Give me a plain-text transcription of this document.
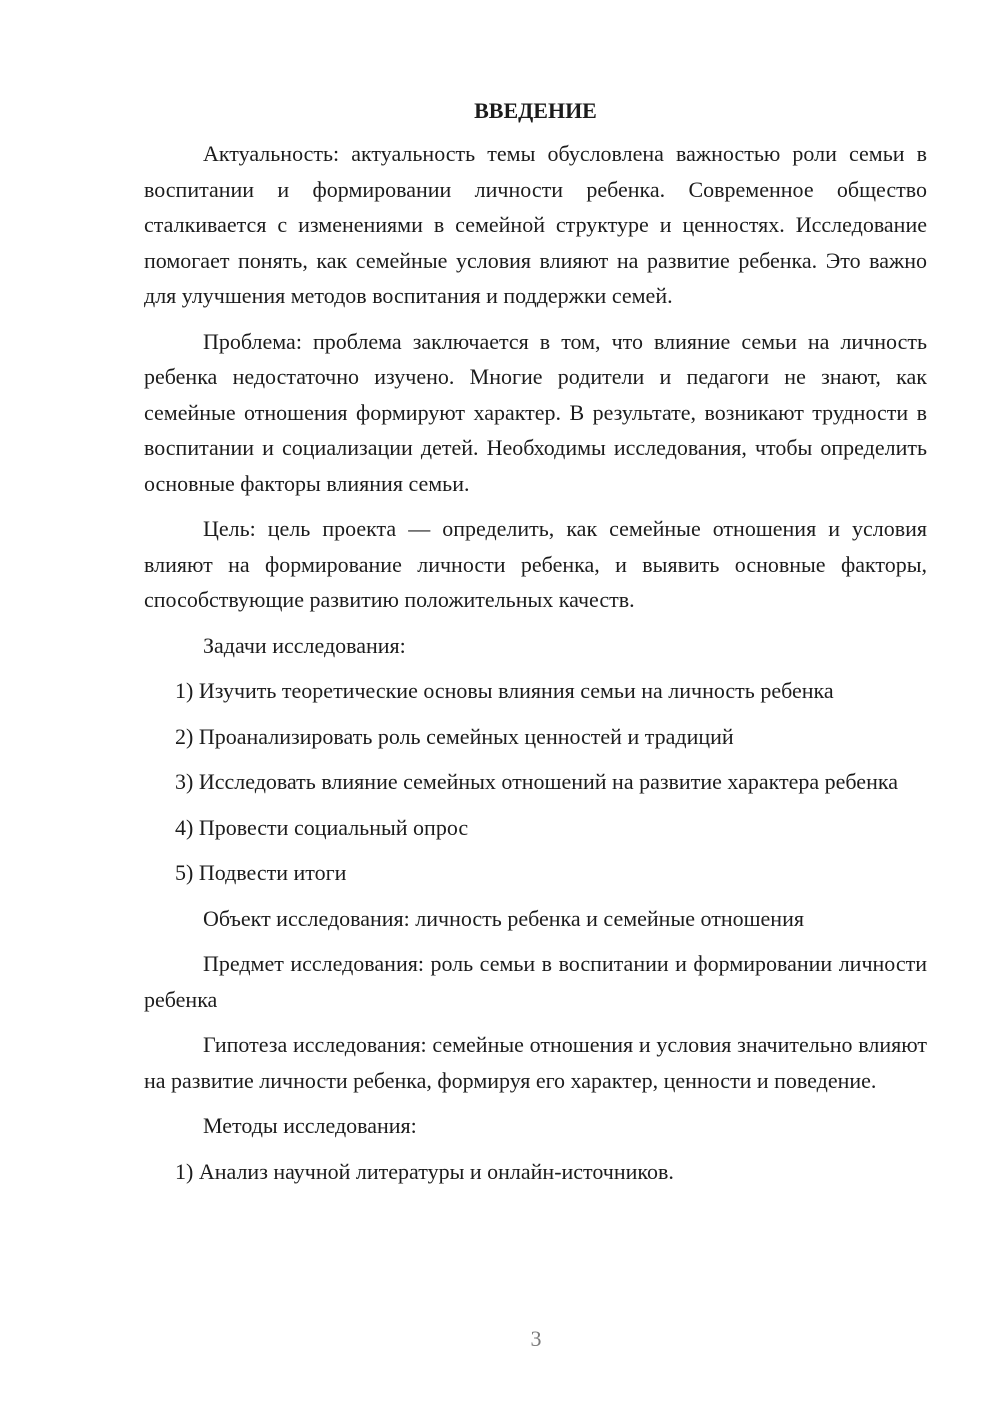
ВВЕДЕНИЕ

Актуальность: актуальность темы обусловлена важностью роли семьи в воспитании и формировании личности ребенка. Современное общество сталкивается с изменениями в семейной структуре и ценностях. Исследование помогает понять, как семейные условия влияют на развитие ребенка. Это важно для улучшения методов воспитания и поддержки семей.

Проблема: проблема заключается в том, что влияние семьи на личность ребенка недостаточно изучено. Многие родители и педагоги не знают, как семейные отношения формируют характер. В результате, возникают трудности в воспитании и социализации детей. Необходимы исследования, чтобы определить основные факторы влияния семьи.

Цель: цель проекта — определить, как семейные отношения и условия влияют на формирование личности ребенка, и выявить основные факторы, способствующие развитию положительных качеств.

Задачи исследования:

1) Изучить теоретические основы влияния семьи на личность ребенка

2) Проанализировать роль семейных ценностей и традиций

3) Исследовать влияние семейных отношений на развитие характера ребенка

4) Провести социальный опрос

5) Подвести итоги

Объект исследования: личность ребенка и семейные отношения

Предмет исследования: роль семьи в воспитании и формировании личности ребенка

Гипотеза исследования: семейные отношения и условия значительно влияют на развитие личности ребенка, формируя его характер, ценности и поведение.

Методы исследования:

1) Анализ научной литературы и онлайн-источников.

3
